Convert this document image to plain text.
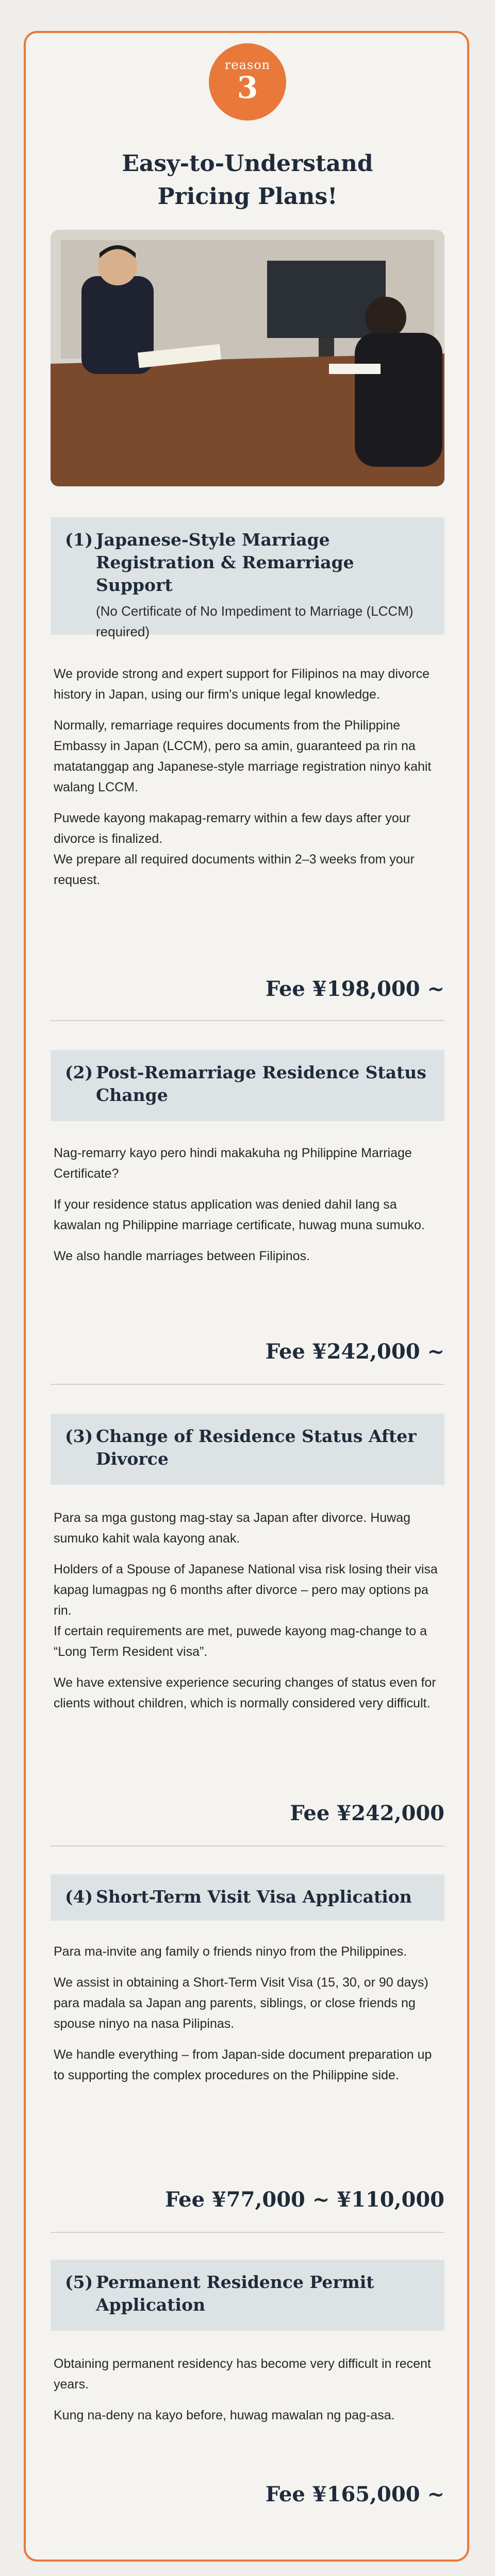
reason
3
Easy-to-Understand
Pricing Plans!
(1) Japanese-Style Marriage
Registration & Remarriage Support
(No Certificate of No Impediment to Marriage (LCCM) required)

We provide strong and expert support for Filipinos na may divorce history in Japan, using our firm's unique legal knowledge.

Normally, remarriage requires documents from the Philippine Embassy in Japan (LCCM), pero sa amin, guaranteed pa rin na matatanggap ang Japanese-style marriage registration ninyo kahit walang LCCM.

Puwede kayong makapag-remarry within a few days after your divorce is finalized.
We prepare all required documents within 2–3 weeks from your request.

Fee ¥198,000 ~
(2) Post-Remarriage Residence Status
Change

Nag-remarry kayo pero hindi makakuha ng Philippine Marriage Certificate?

If your residence status application was denied dahil lang sa kawalan ng Philippine marriage certificate, huwag muna sumuko.

We also handle marriages between Filipinos.

Fee ¥242,000 ~
(3) Change of Residence Status After
Divorce

Para sa mga gustong mag-stay sa Japan after divorce. Huwag sumuko kahit wala kayong anak.

Holders of a Spouse of Japanese National visa risk losing their visa kapag lumagpas ng 6 months after divorce – pero may options pa rin.
If certain requirements are met, puwede kayong mag-change to a “Long Term Resident visa”.

We have extensive experience securing changes of status even for clients without children, which is normally considered very difficult.

Fee ¥242,000
(4) Short-Term Visit Visa Application

Para ma-invite ang family o friends ninyo from the Philippines.

We assist in obtaining a Short-Term Visit Visa (15, 30, or 90 days) para madala sa Japan ang parents, siblings, or close friends ng spouse ninyo na nasa Pilipinas.

We handle everything – from Japan-side document preparation up to supporting the complex procedures on the Philippine side.

Fee ¥77,000 ~ ¥110,000
(5) Permanent Residence Permit
Application

Obtaining permanent residency has become very difficult in recent years.

Kung na-deny na kayo before, huwag mawalan ng pag-asa.

Fee ¥165,000 ~
